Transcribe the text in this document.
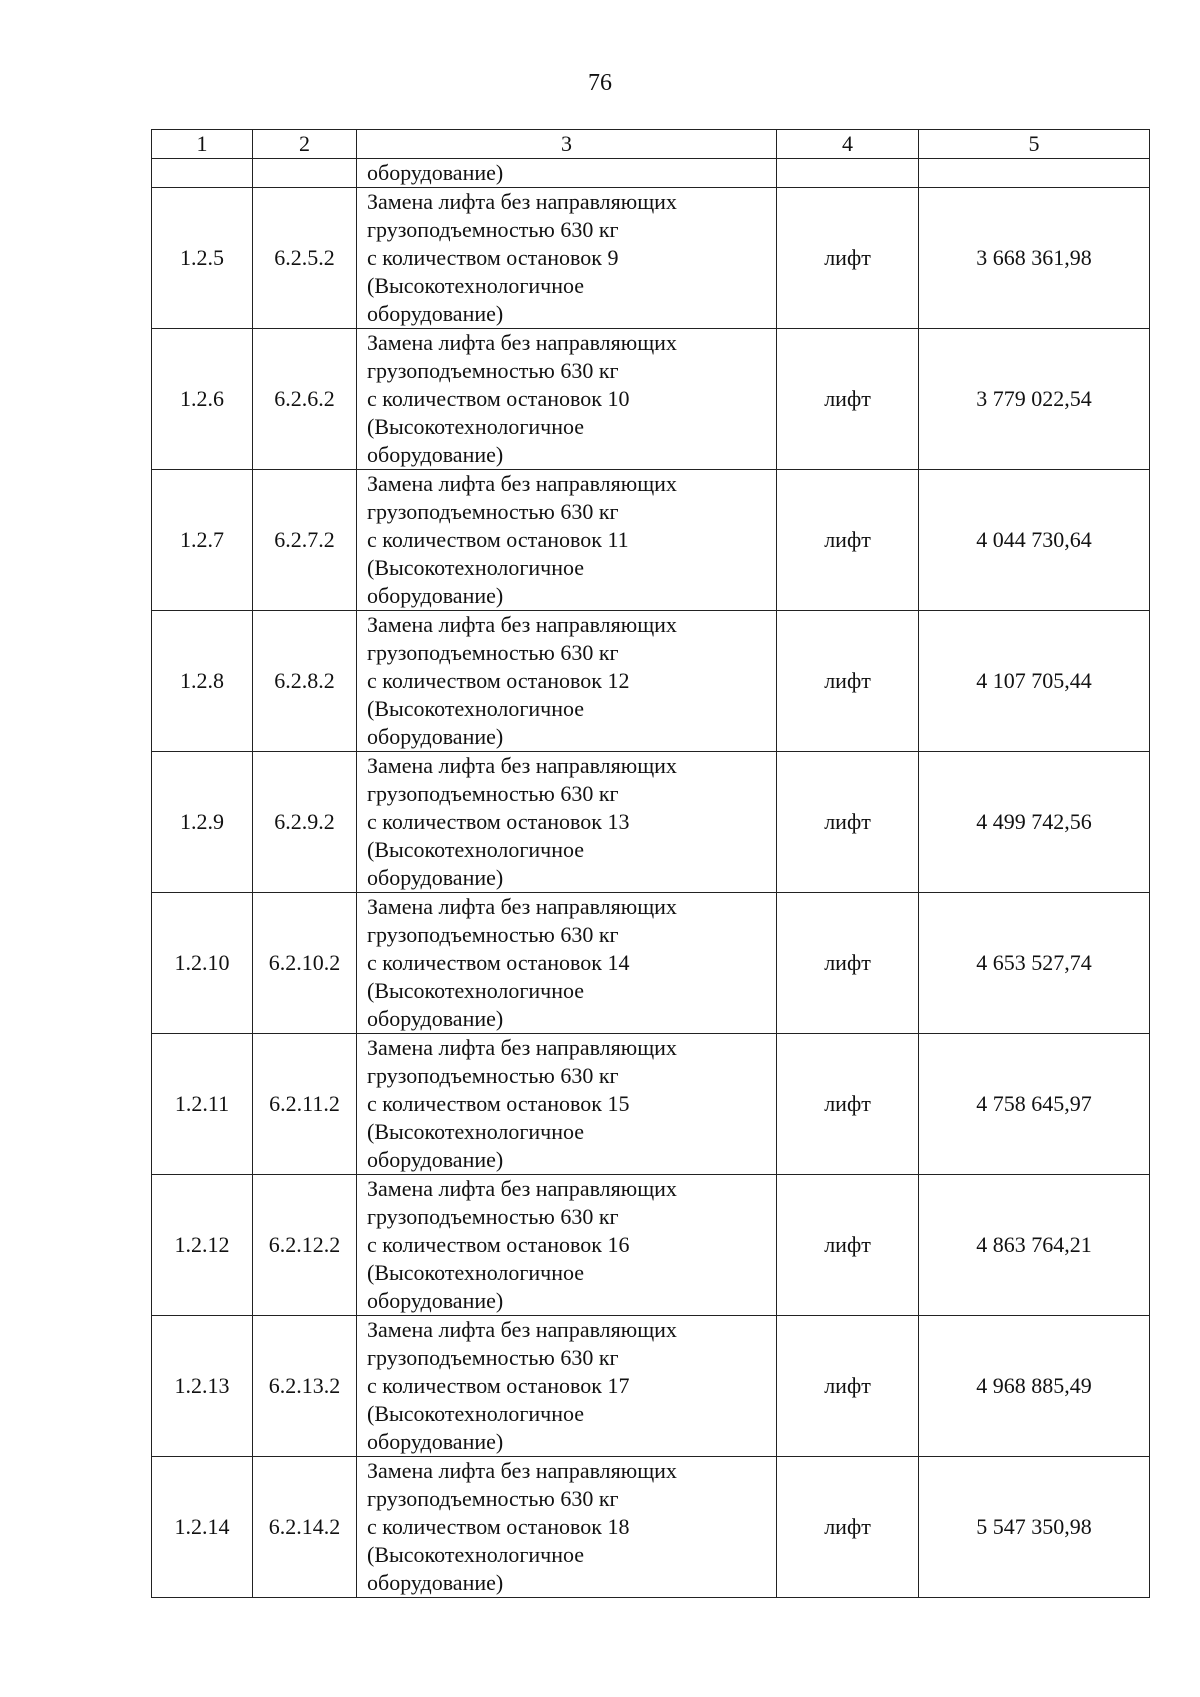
76
1	2	3	4	5
		оборудование)		
1.2.5	6.2.5.2	Замена лифта без направляющих
грузоподъемностью 630 кг
с количеством остановок 9
(Высокотехнологичное
оборудование)	лифт	3 668 361,98
1.2.6	6.2.6.2	Замена лифта без направляющих
грузоподъемностью 630 кг
с количеством остановок 10
(Высокотехнологичное
оборудование)	лифт	3 779 022,54
1.2.7	6.2.7.2	Замена лифта без направляющих
грузоподъемностью 630 кг
с количеством остановок 11
(Высокотехнологичное
оборудование)	лифт	4 044 730,64
1.2.8	6.2.8.2	Замена лифта без направляющих
грузоподъемностью 630 кг
с количеством остановок 12
(Высокотехнологичное
оборудование)	лифт	4 107 705,44
1.2.9	6.2.9.2	Замена лифта без направляющих
грузоподъемностью 630 кг
с количеством остановок 13
(Высокотехнологичное
оборудование)	лифт	4 499 742,56
1.2.10	6.2.10.2	Замена лифта без направляющих
грузоподъемностью 630 кг
с количеством остановок 14
(Высокотехнологичное
оборудование)	лифт	4 653 527,74
1.2.11	6.2.11.2	Замена лифта без направляющих
грузоподъемностью 630 кг
с количеством остановок 15
(Высокотехнологичное
оборудование)	лифт	4 758 645,97
1.2.12	6.2.12.2	Замена лифта без направляющих
грузоподъемностью 630 кг
с количеством остановок 16
(Высокотехнологичное
оборудование)	лифт	4 863 764,21
1.2.13	6.2.13.2	Замена лифта без направляющих
грузоподъемностью 630 кг
с количеством остановок 17
(Высокотехнологичное
оборудование)	лифт	4 968 885,49
1.2.14	6.2.14.2	Замена лифта без направляющих
грузоподъемностью 630 кг
с количеством остановок 18
(Высокотехнологичное
оборудование)	лифт	5 547 350,98
